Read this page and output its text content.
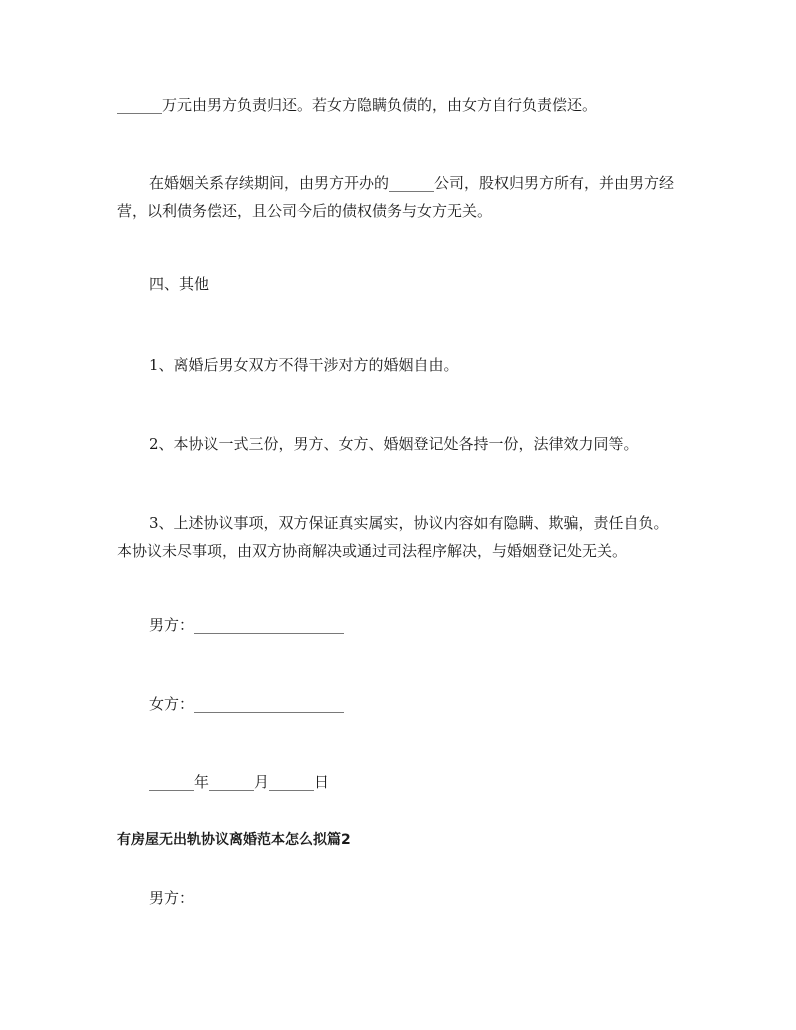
______万元由男方负责归还。若女方隐瞒负债的，由女方自行负责偿还。

在婚姻关系存续期间，由男方开办的______公司，股权归男方所有，并由男方经营，以利债务偿还，且公司今后的债权债务与女方无关。

四、其他

1、离婚后男女双方不得干涉对方的婚姻自由。

2、本协议一式三份，男方、女方、婚姻登记处各持一份，法律效力同等。

3、上述协议事项，双方保证真实属实，协议内容如有隐瞒、欺骗，责任自负。本协议未尽事项，由双方协商解决或通过司法程序解决，与婚姻登记处无关。

男方：____________________

女方：____________________

______年______月______日

有房屋无出轨协议离婚范本怎么拟篇2

男方：
